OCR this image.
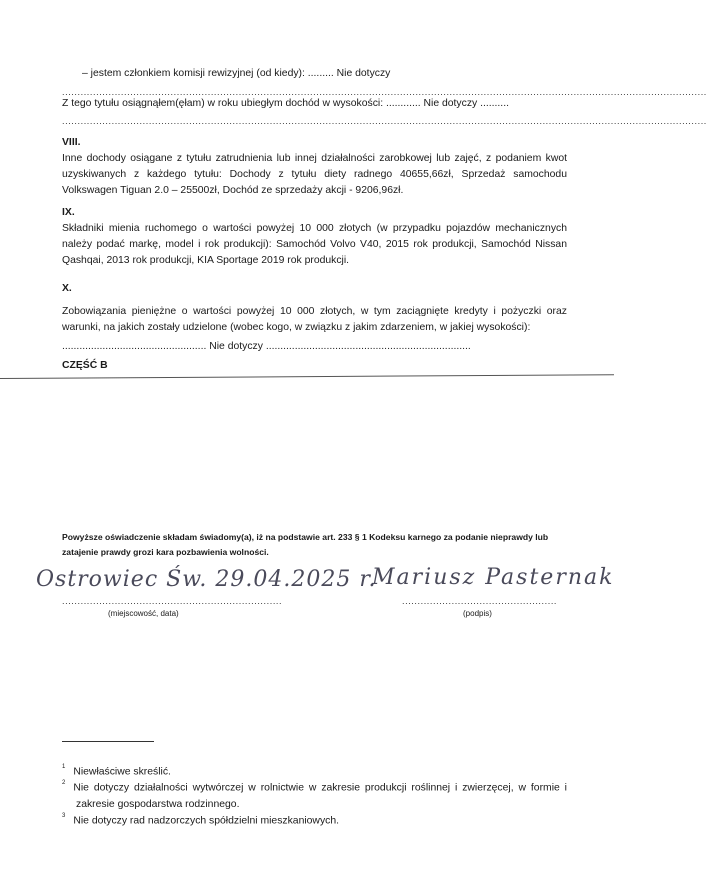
– jestem członkiem komisji rewizyjnej (od kiedy): ......... Nie dotyczy

................................................................................................................................................................................................................

Z tego tytułu osiągnąłem(ęłam) w roku ubiegłym dochód w wysokości: ............ Nie dotyczy ..........

................................................................................................................................................................................................................

VIII.

Inne dochody osiągane z tytułu zatrudnienia lub innej działalności zarobkowej lub zajęć, z podaniem kwot uzyskiwanych z każdego tytułu: Dochody z tytułu diety radnego 40655,66zł, Sprzedaż samochodu Volkswagen Tiguan 2.0 – 25500zł, Dochód ze sprzedaży akcji - 9206,96zł.

IX.

Składniki mienia ruchomego o wartości powyżej 10 000 złotych (w przypadku pojazdów mechanicznych należy podać markę, model i rok produkcji): Samochód Volvo V40, 2015 rok produkcji, Samochód Nissan Qashqai, 2013 rok produkcji, KIA Sportage 2019 rok produkcji.

X.

Zobowiązania pieniężne o wartości powyżej 10 000 złotych, w tym zaciągnięte kredyty i pożyczki oraz warunki, na jakich zostały udzielone (wobec kogo, w związku z jakim zdarzeniem, w jakiej wysokości):

.................................................. Nie dotyczy .......................................................................

CZĘŚĆ B

Powyższe oświadczenie składam świadomy(a), iż na podstawie art. 233 § 1 Kodeksu karnego za podanie nieprawdy lub zatajenie prawdy grozi kara pozbawienia wolności.

Ostrowiec Św. 29.04.2025 r.
.......................................................................

(miejscowość, data)

Mariusz Pasternak
..................................................

(podpis)

$^1$ Niewłaściwe skreślić.

$^2$ Nie dotyczy działalności wytwórczej w rolnictwie w zakresie produkcji roślinnej i zwierzęcej, w formie i zakresie gospodarstwa rodzinnego.

$^3$ Nie dotyczy rad nadzorczych spółdzielni mieszkaniowych.
